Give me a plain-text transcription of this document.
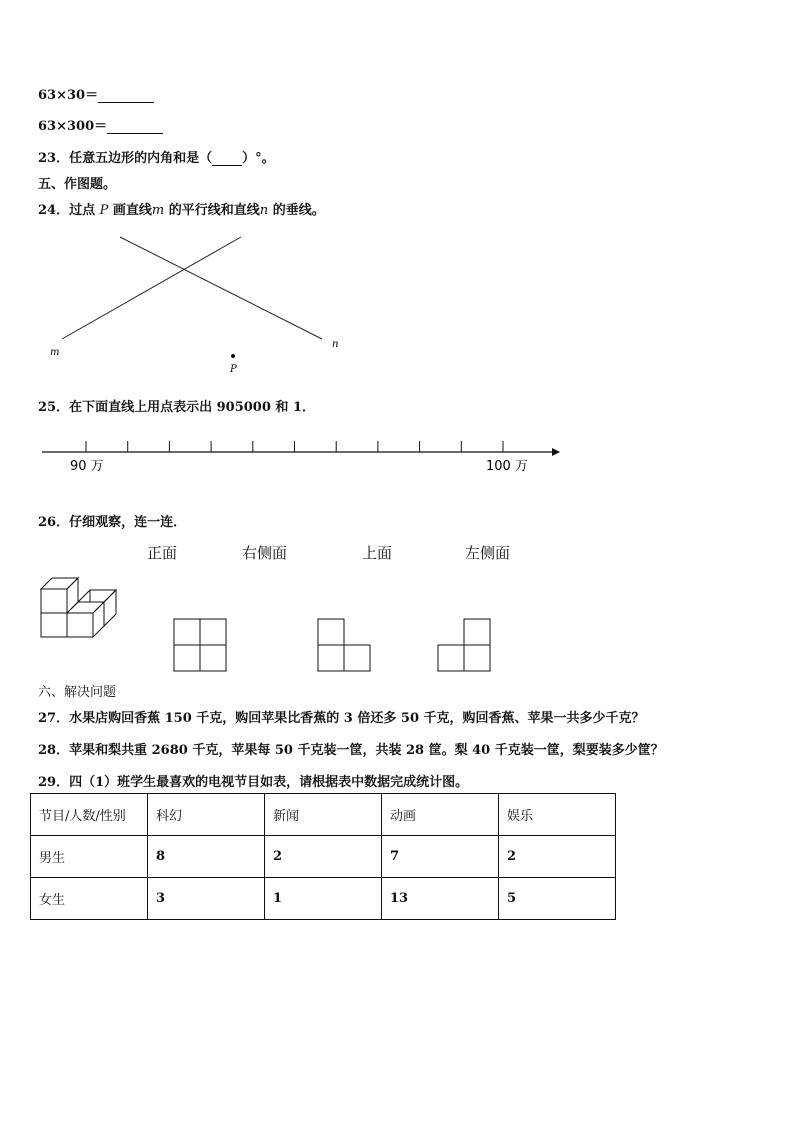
63×30＝
63×300＝
23．任意五边形的内角和是（ ）°。
五、作图题。
24．过点 P 画直线m 的平行线和直线n 的垂线。
m
n
P
25．在下面直线上用点表示出 905000 和 1．
90 万	100 万
26．仔细观察，连一连．
正面	右侧面	上面	左侧面
六、解决问题
27．水果店购回香蕉 150 千克，购回苹果比香蕉的 3 倍还多 50 千克，购回香蕉、苹果一共多少千克？
28．苹果和梨共重 2680 千克，苹果每 50 千克装一筐，共装 28 筐。梨 40 千克装一筐，梨要装多少筐？
29．四（1）班学生最喜欢的电视节目如表，请根据表中数据完成统计图。
节目/人数/性别	科幻	新闻	动画	娱乐
男生	8	2	7	2
女生	3	1	13	5
